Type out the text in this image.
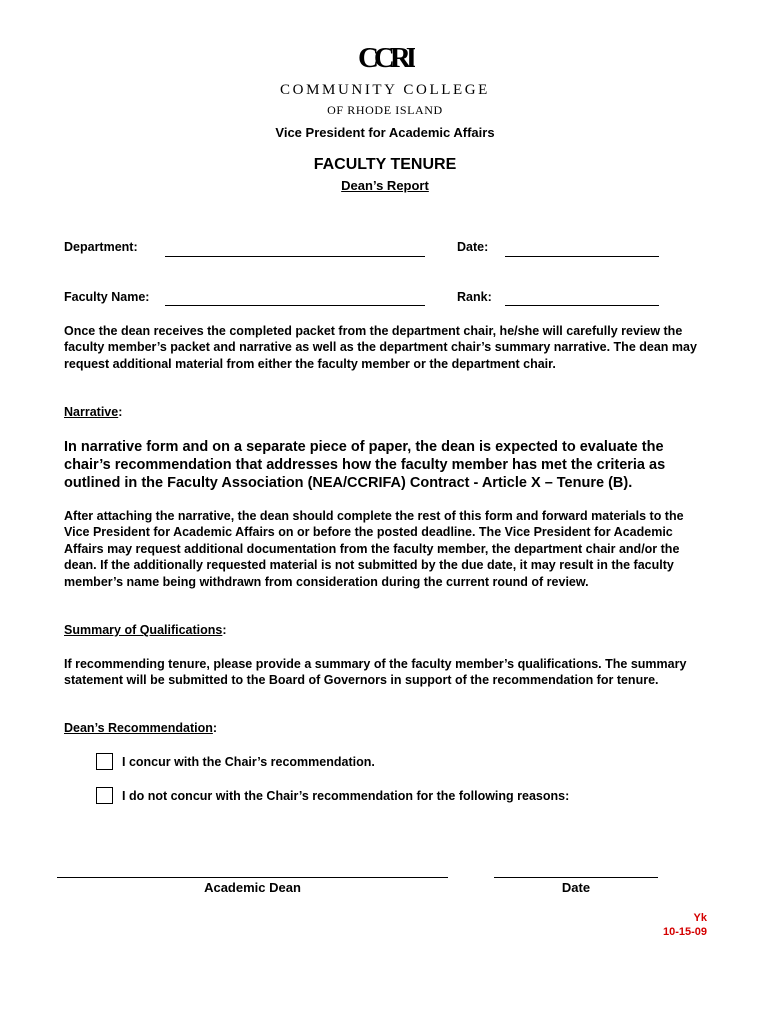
CCRI
COMMUNITY COLLEGE
OF RHODE ISLAND
Vice President for Academic Affairs
FACULTY TENURE
Dean’s Report
Department:	Date:
Faculty Name:	Rank:
Once the dean receives the completed packet from the department chair, he/she will carefully review the faculty member’s packet and narrative as well as the department chair’s summary narrative. The dean may request additional material from either the faculty member or the department chair.
Narrative:
In narrative form and on a separate piece of paper, the dean is expected to evaluate the chair’s recommendation that addresses how the faculty member has met the criteria as outlined in the Faculty Association (NEA/CCRIFA) Contract - Article X – Tenure (B).
After attaching the narrative, the dean should complete the rest of this form and forward materials to the Vice President for Academic Affairs on or before the posted deadline. The Vice President for Academic Affairs may request additional documentation from the faculty member, the department chair and/or the dean. If the additionally requested material is not submitted by the due date, it may result in the faculty member’s name being withdrawn from consideration during the current round of review.
Summary of Qualifications:
If recommending tenure, please provide a summary of the faculty member’s qualifications. The summary statement will be submitted to the Board of Governors in support of the recommendation for tenure.
Dean’s Recommendation:
I concur with the Chair’s recommendation.
I do not concur with the Chair’s recommendation for the following reasons:
Academic Dean	Date
Yk
10-15-09
